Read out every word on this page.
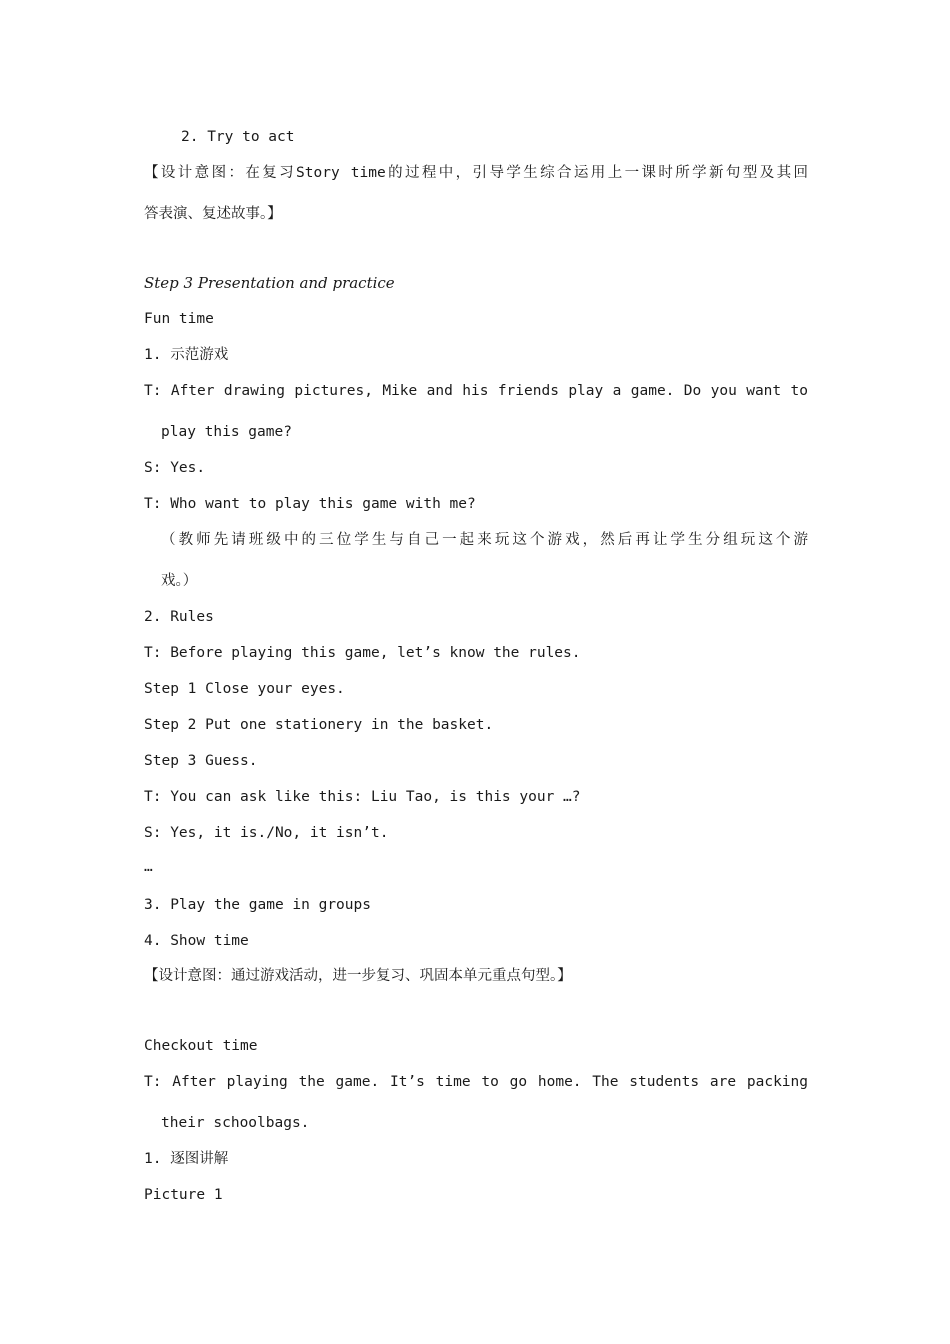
2. Try to act
【设计意图：在复习Story time的过程中，引导学生综合运用上一课时所学新句型及其回
答表演、复述故事。】
Step 3 Presentation and practice
Fun time
1. 示范游戏
T: After drawing pictures, Mike and his friends play a game. Do you want to
play this game?
S: Yes.
T: Who want to play this game with me?
（教师先请班级中的三位学生与自己一起来玩这个游戏，然后再让学生分组玩这个游
戏。）
2. Rules
T: Before playing this game, let’s know the rules.
Step 1 Close your eyes.
Step 2 Put one stationery in the basket.
Step 3 Guess.
T: You can ask like this: Liu Tao, is this your …?
S: Yes, it is./No, it isn’t.
…
3. Play the game in groups
4. Show time
【设计意图：通过游戏活动，进一步复习、巩固本单元重点句型。】
Checkout time
T: After playing the game. It’s time to go home. The students are packing
their schoolbags.
1. 逐图讲解
Picture 1
